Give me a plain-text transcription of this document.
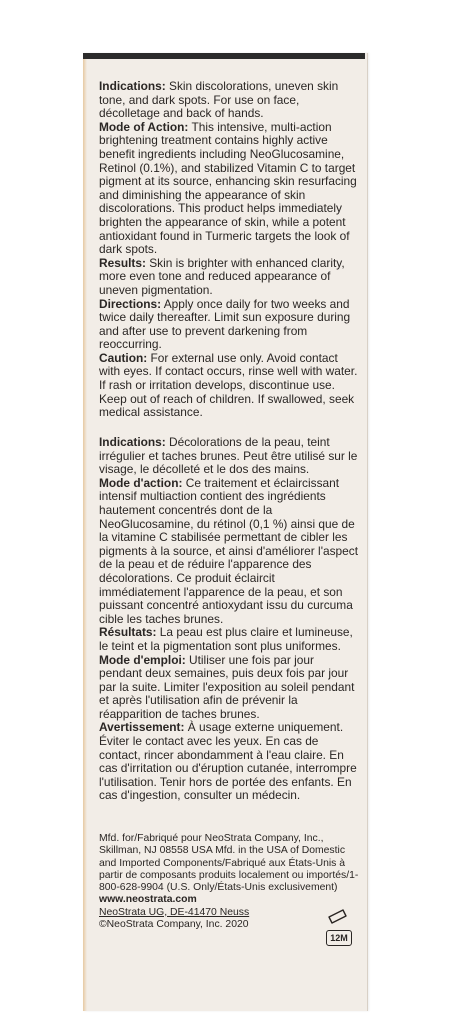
Indications: Skin discolorations, uneven skin tone, and dark spots. For use on face, décolletage and back of hands.

Mode of Action: This intensive, multi-action brightening treatment contains highly active benefit ingredients including NeoGlucosamine, Retinol (0.1%), and stabilized Vitamin C to target pigment at its source, enhancing skin resurfacing and diminishing the appearance of skin discolorations. This product helps immediately brighten the appearance of skin, while a potent antioxidant found in Turmeric targets the look of dark spots.

Results: Skin is brighter with enhanced clarity, more even tone and reduced appearance of uneven pigmentation.

Directions: Apply once daily for two weeks and twice daily thereafter. Limit sun exposure during and after use to prevent darkening from reoccurring.

Caution: For external use only. Avoid contact with eyes. If contact occurs, rinse well with water. If rash or irritation develops, discontinue use. Keep out of reach of children. If swallowed, seek medical assistance.

Indications: Décolorations de la peau, teint irrégulier et taches brunes. Peut être utilisé sur le visage, le décolleté et le dos des mains.

Mode d'action: Ce traitement et éclaircissant intensif multiaction contient des ingrédients hautement concentrés dont de la NeoGlucosamine, du rétinol (0,1 %) ainsi que de la vitamine C stabilisée permettant de cibler les pigments à la source, et ainsi d'améliorer l'aspect de la peau et de réduire l'apparence des décolorations. Ce produit éclaircit immédiatement l'apparence de la peau, et son puissant concentré antioxydant issu du curcuma cible les taches brunes.

Résultats: La peau est plus claire et lumineuse, le teint et la pigmentation sont plus uniformes.

Mode d'emploi: Utiliser une fois par jour pendant deux semaines, puis deux fois par jour par la suite. Limiter l'exposition au soleil pendant et après l'utilisation afin de prévenir la réapparition de taches brunes.

Avertissement: À usage externe uniquement. Éviter le contact avec les yeux. En cas de contact, rincer abondamment à l'eau claire. En cas d'irritation ou d'éruption cutanée, interrompre l'utilisation. Tenir hors de portée des enfants. En cas d'ingestion, consulter un médecin.

Mfd. for/Fabriqué pour NeoStrata Company, Inc., Skillman, NJ 08558 USA Mfd. in the USA of Domestic and Imported Components/Fabriqué aux États-Unis à partir de composants produits localement ou importés/1-800-628-9904 (U.S. Only/États-Unis exclusivement) www.neostrata.com
NeoStrata UG, DE-41470 Neuss
©NeoStrata Company, Inc. 2020
12M
